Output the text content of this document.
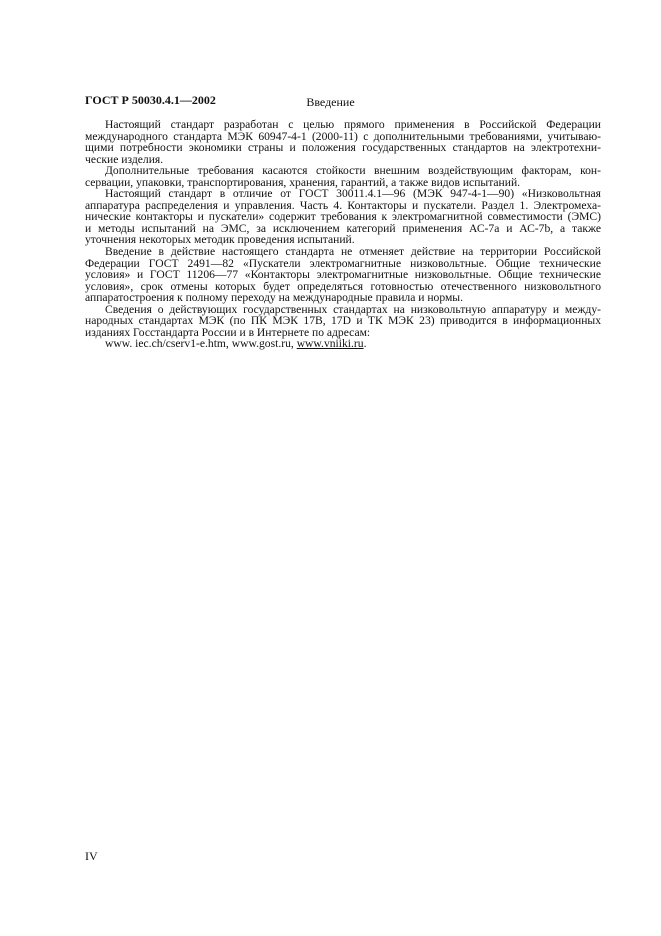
ГОСТ Р 50030.4.1—2002	Введение
Настоящий стандарт разработан с целью прямого применения в Российской Федерации
международного стандарта МЭК 60947-4-1 (2000-11) с дополнительными требованиями, учитываю-
щими потребности экономики страны и положения государственных стандартов на электротехни-
ческие изделия.
Дополнительные требования касаются стойкости внешним воздействующим факторам, кон-
сервации, упаковки, транспортирования, хранения, гарантий, а также видов испытаний.
Настоящий стандарт в отличие от ГОСТ 30011.4.1—96 (МЭК 947-4-1—90) «Низковольтная
аппаратура распределения и управления. Часть 4. Контакторы и пускатели. Раздел 1. Электромеха-
нические контакторы и пускатели» содержит требования к электромагнитной совместимости (ЭМС)
и методы испытаний на ЭМС, за исключением категорий применения АС-7а и АС-7b, а также
уточнения некоторых методик проведения испытаний.
Введение в действие настоящего стандарта не отменяет действие на территории Российской
Федерации ГОСТ 2491—82 «Пускатели электромагнитные низковольтные. Общие технические
условия» и ГОСТ 11206—77 «Контакторы электромагнитные низковольтные. Общие технические
условия», срок отмены которых будет определяться готовностью отечественного низковольтного
аппаратостроения к полному переходу на международные правила и нормы.
Сведения о действующих государственных стандартах на низковольтную аппаратуру и между-
народных стандартах МЭК (по ПК МЭК 17В, 17D и ТК МЭК 23) приводится в информационных
изданиях Госстандарта России и в Интернете по адресам:
www. iec.ch/cserv1-e.htm, www.gost.ru, www.vniiki.ru.
IV
